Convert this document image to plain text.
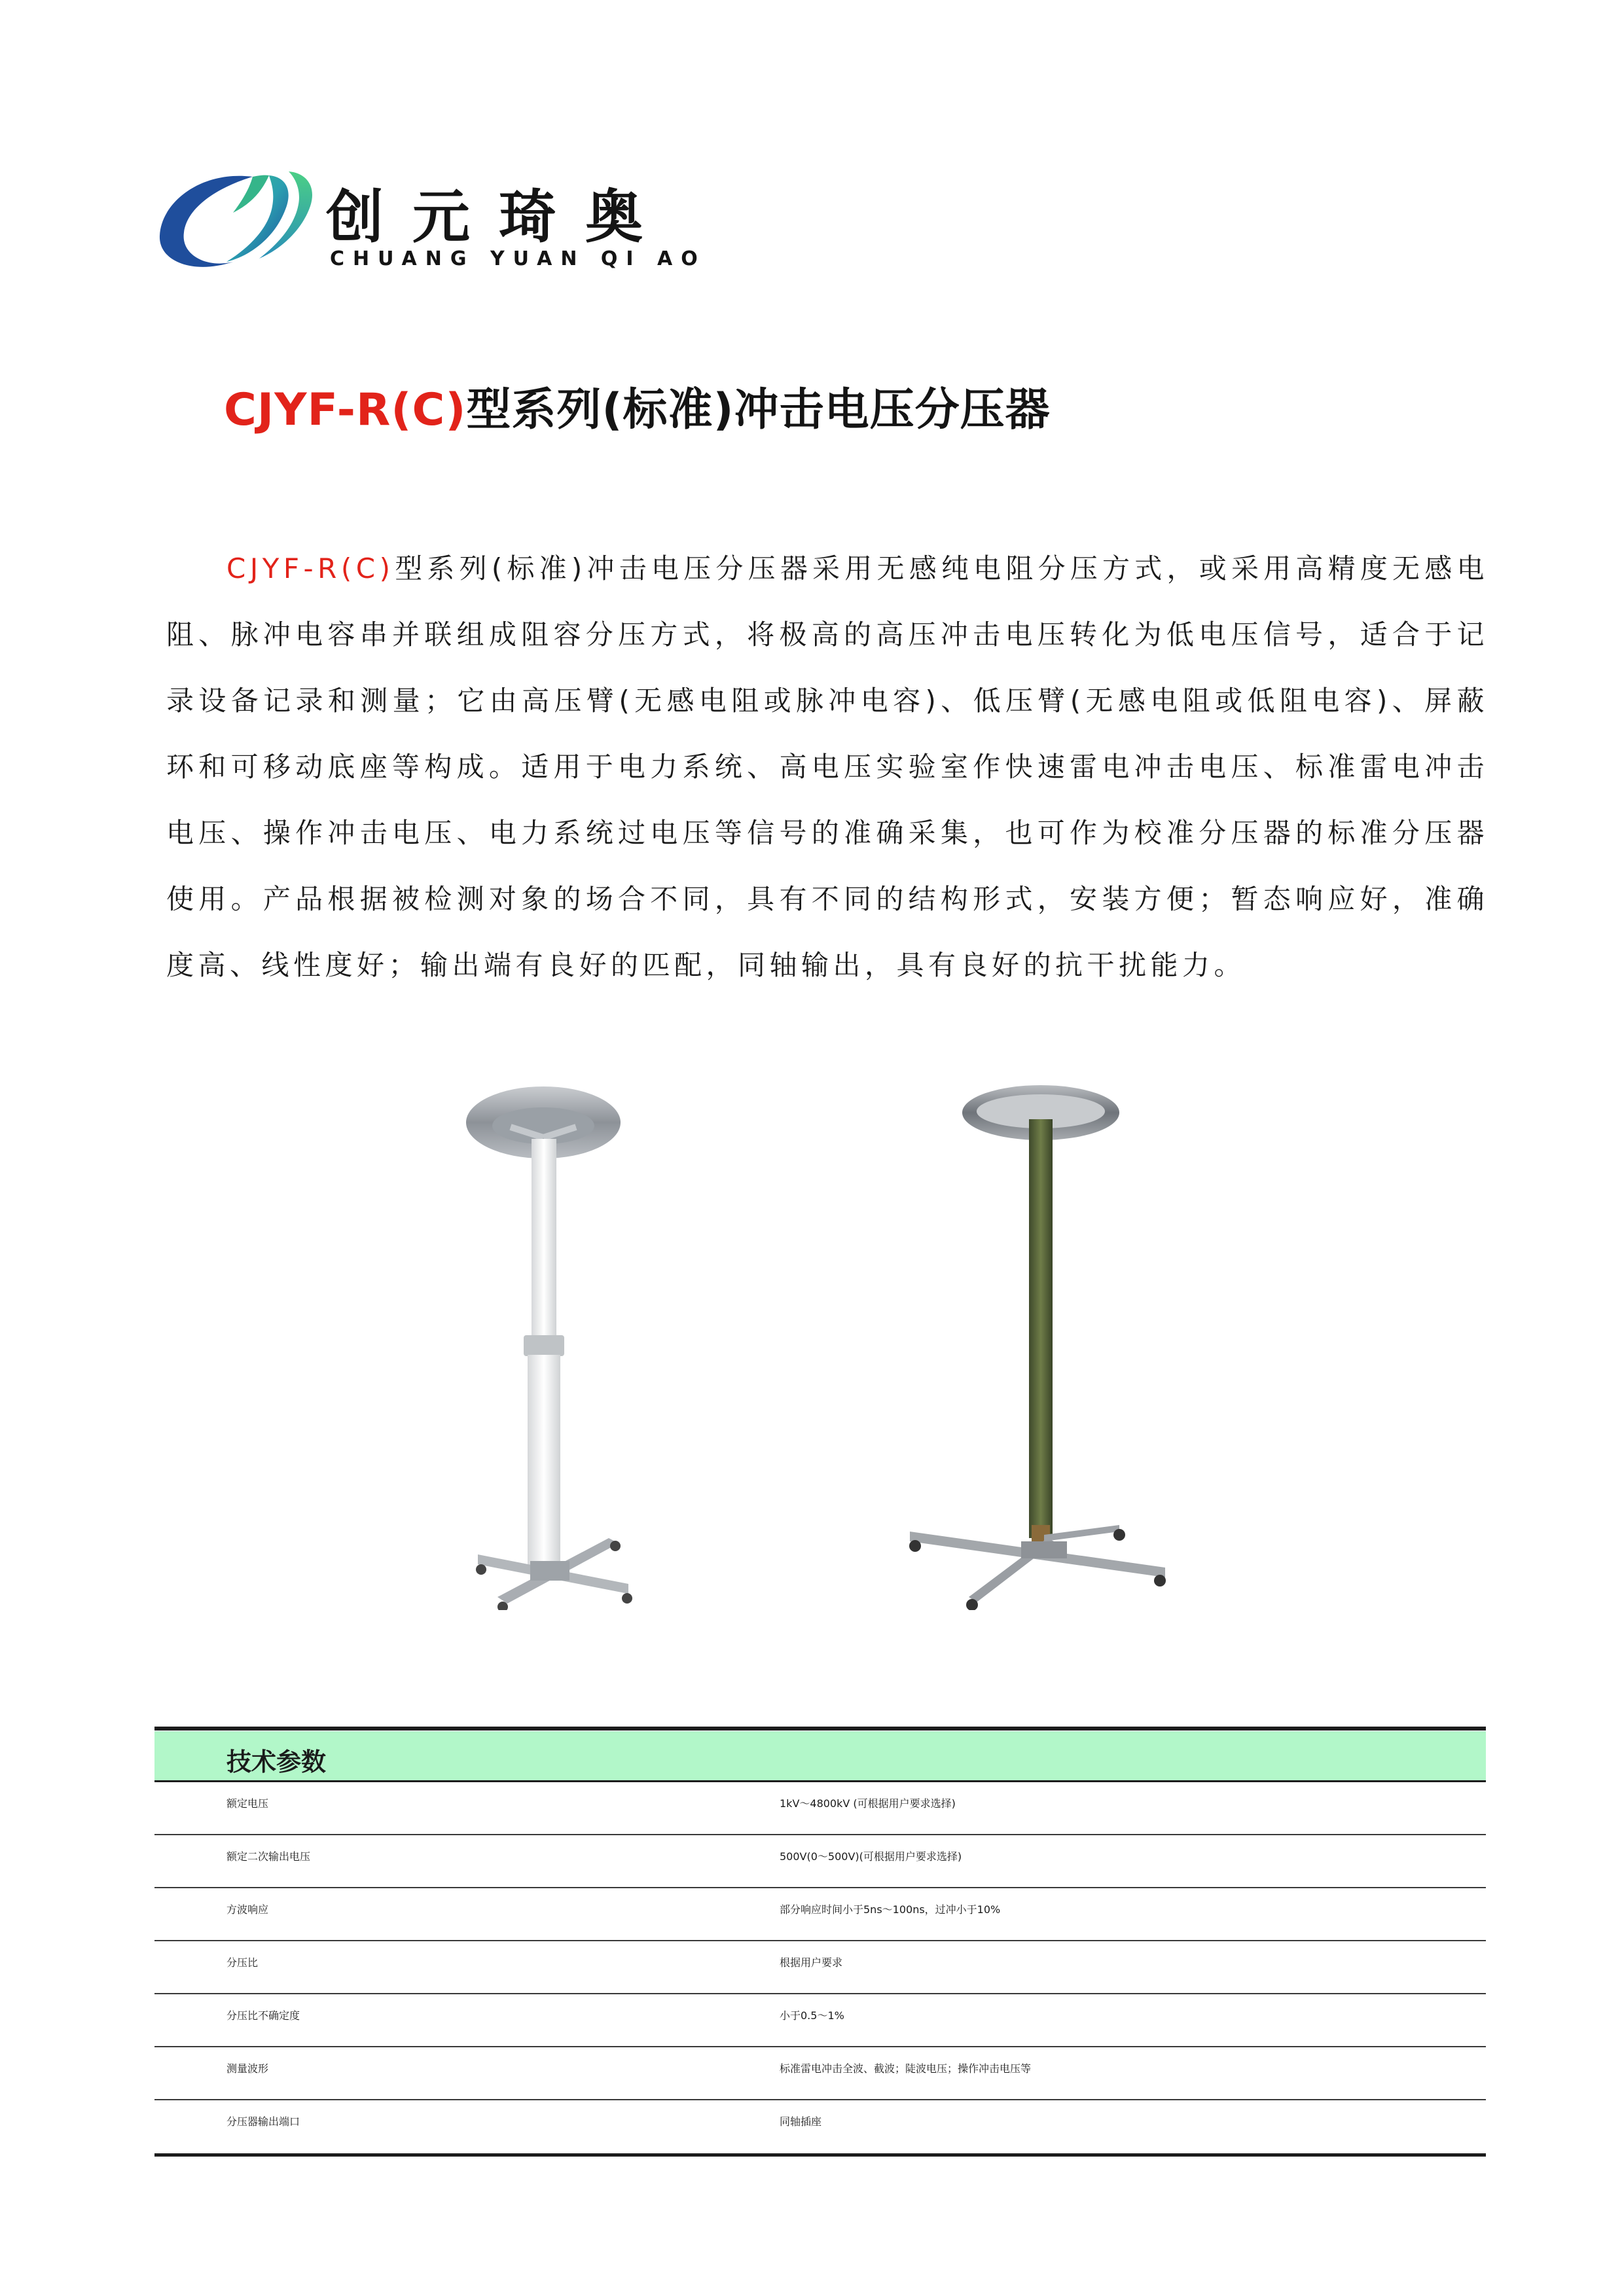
创元琦奥
CHUANG YUAN QI AO
CJYF-R(C)型系列(标准)冲击电压分压器
CJYF-R(C)型系列(标准)冲击电压分压器采用无感纯电阻分压方式，或采用高精度无感电阻、脉冲电容串并联组成阻容分压方式，将极高的高压冲击电压转化为低电压信号，适合于记录设备记录和测量；它由高压臂(无感电阻或脉冲电容)、低压臂(无感电阻或低阻电容)、屏蔽环和可移动底座等构成。适用于电力系统、高电压实验室作快速雷电冲击电压、标准雷电冲击电压、操作冲击电压、电力系统过电压等信号的准确采集，也可作为校准分压器的标准分压器使用。产品根据被检测对象的场合不同，具有不同的结构形式，安装方便；暂态响应好，准确度高、线性度好；输出端有良好的匹配，同轴输出，具有良好的抗干扰能力。
技术参数
额定电压	1kV～4800kV (可根据用户要求选择)
额定二次输出电压	500V(0～500V)(可根据用户要求选择)
方波响应	部分响应时间小于5ns～100ns，过冲小于10%
分压比	根据用户要求
分压比不确定度	小于0.5～1%
测量波形	标准雷电冲击全波、截波；陡波电压；操作冲击电压等
分压器输出端口	同轴插座
